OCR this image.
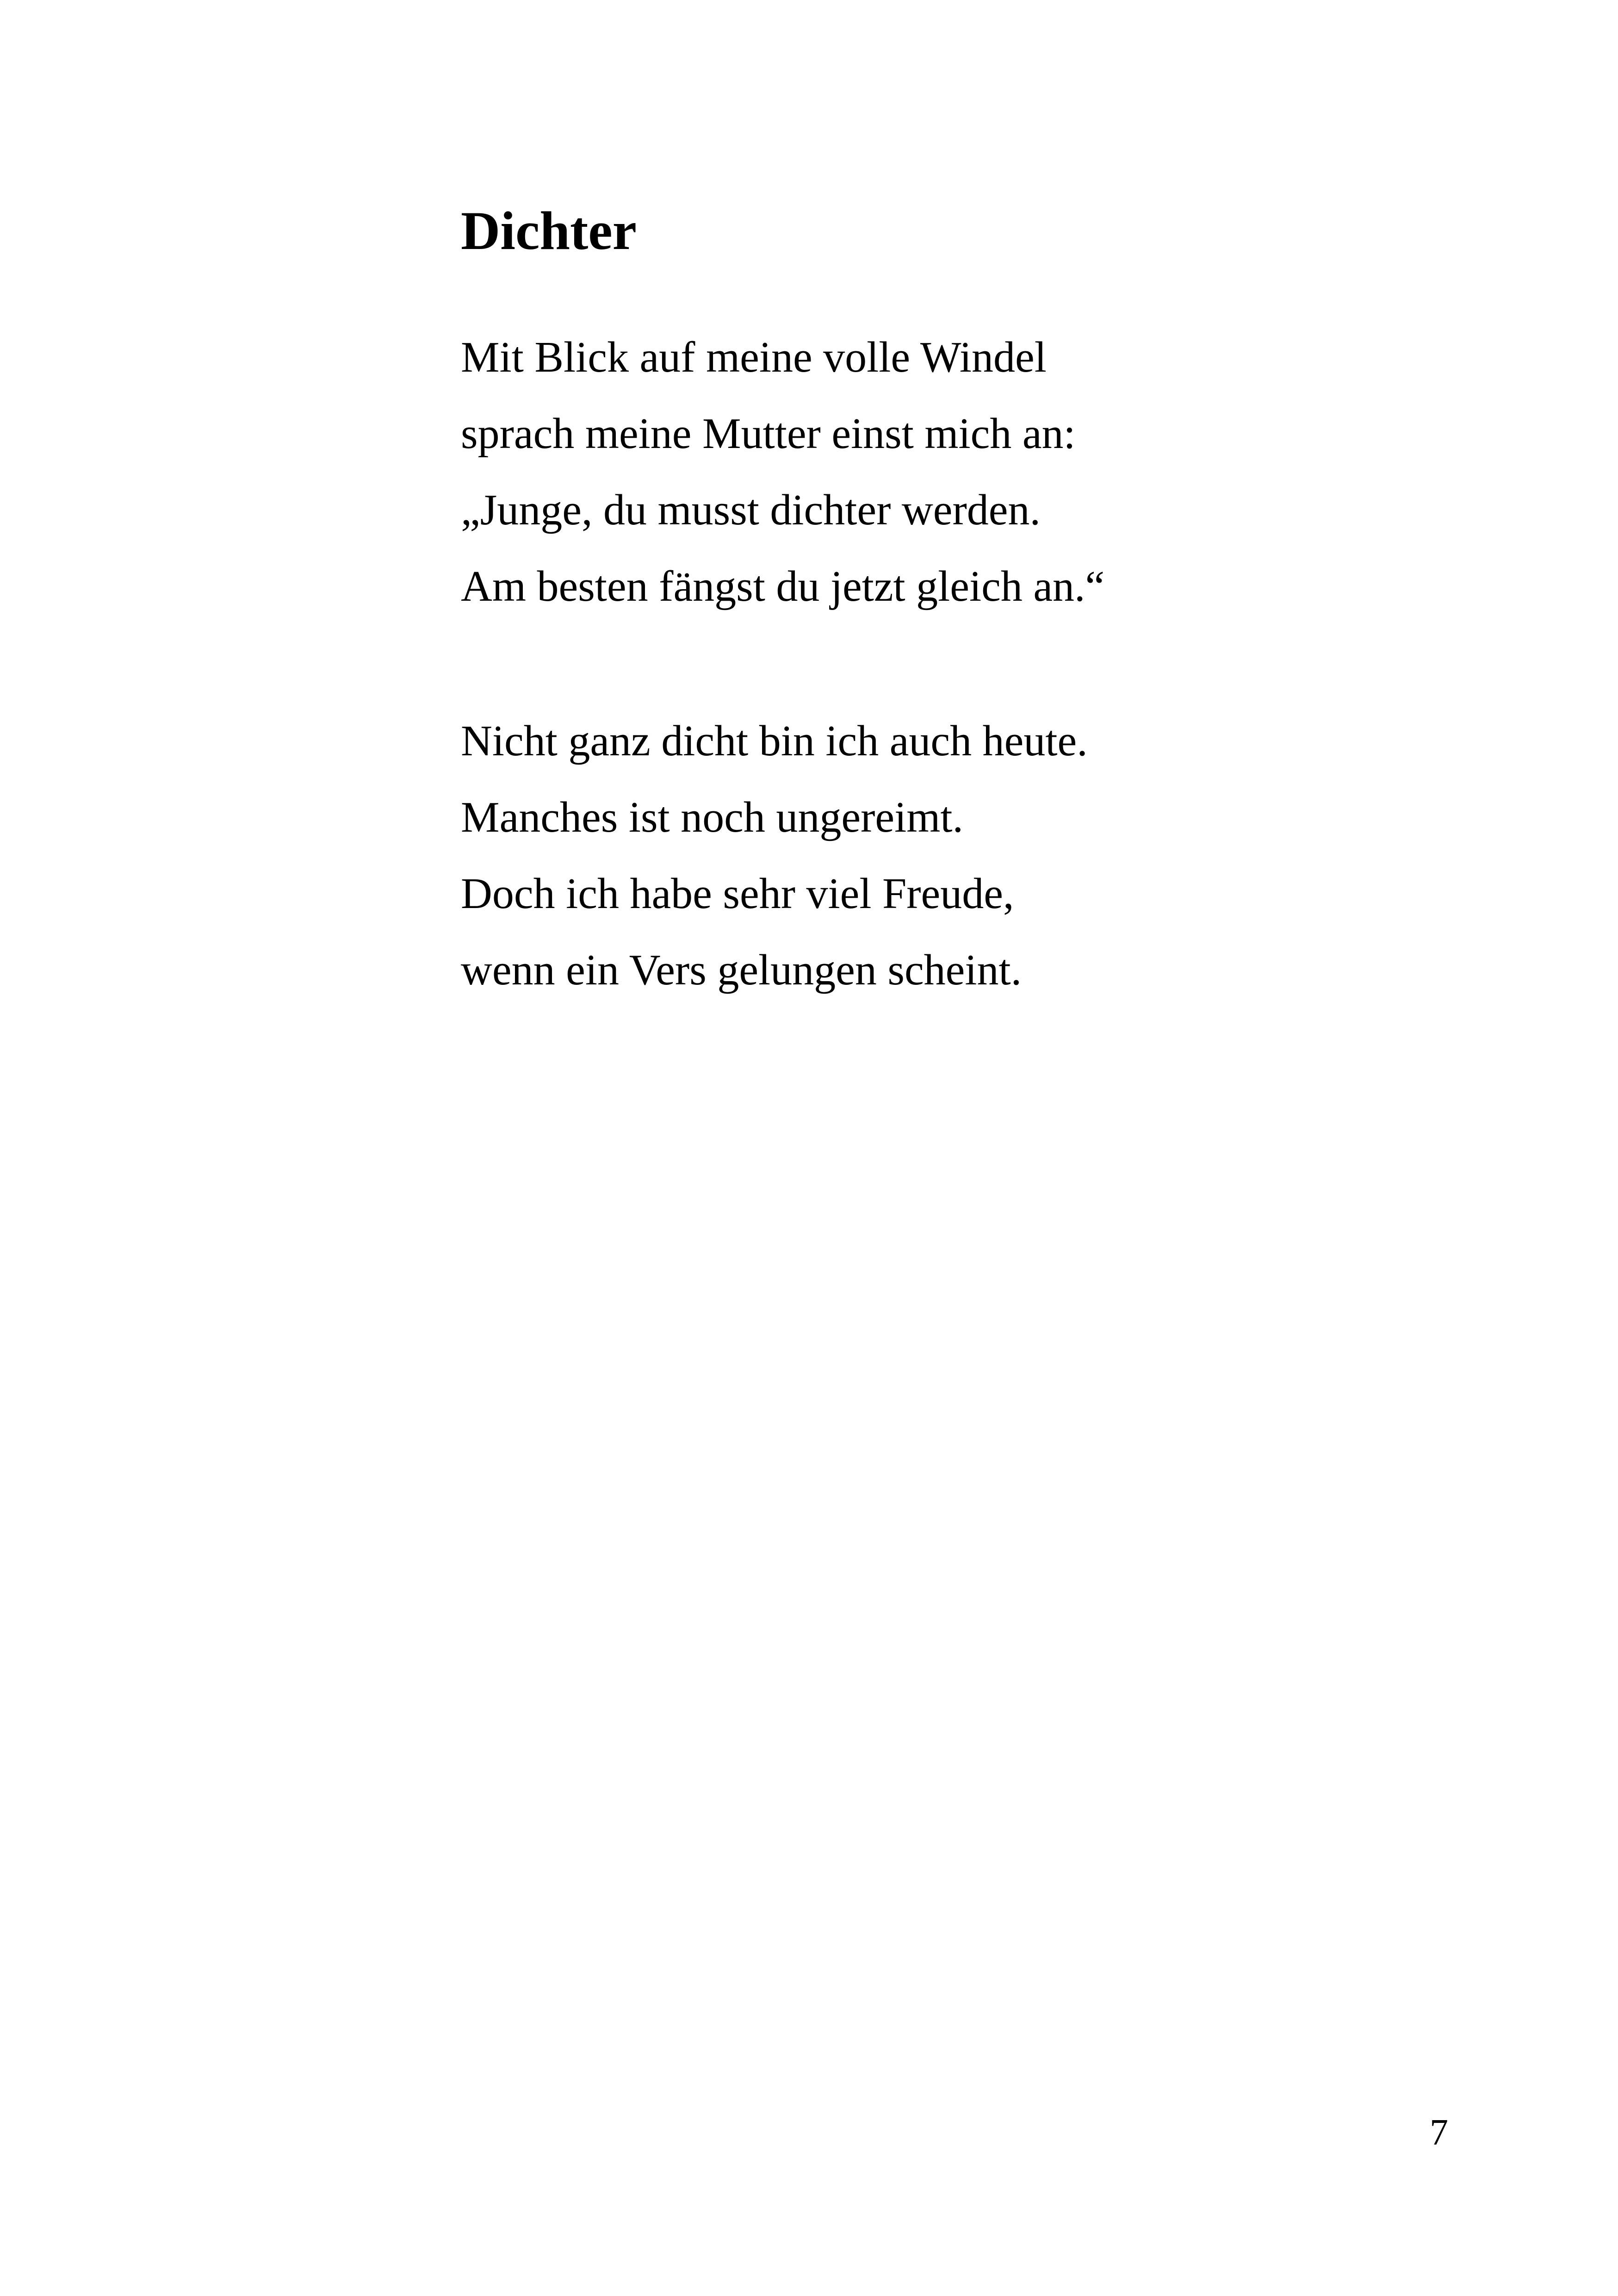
Dichter
Mit Blick auf meine volle Windel
sprach meine Mutter einst mich an:
„Junge, du musst dichter werden.
Am besten fängst du jetzt gleich an.“
Nicht ganz dicht bin ich auch heute.
Manches ist noch ungereimt.
Doch ich habe sehr viel Freude,
wenn ein Vers gelungen scheint.
7
